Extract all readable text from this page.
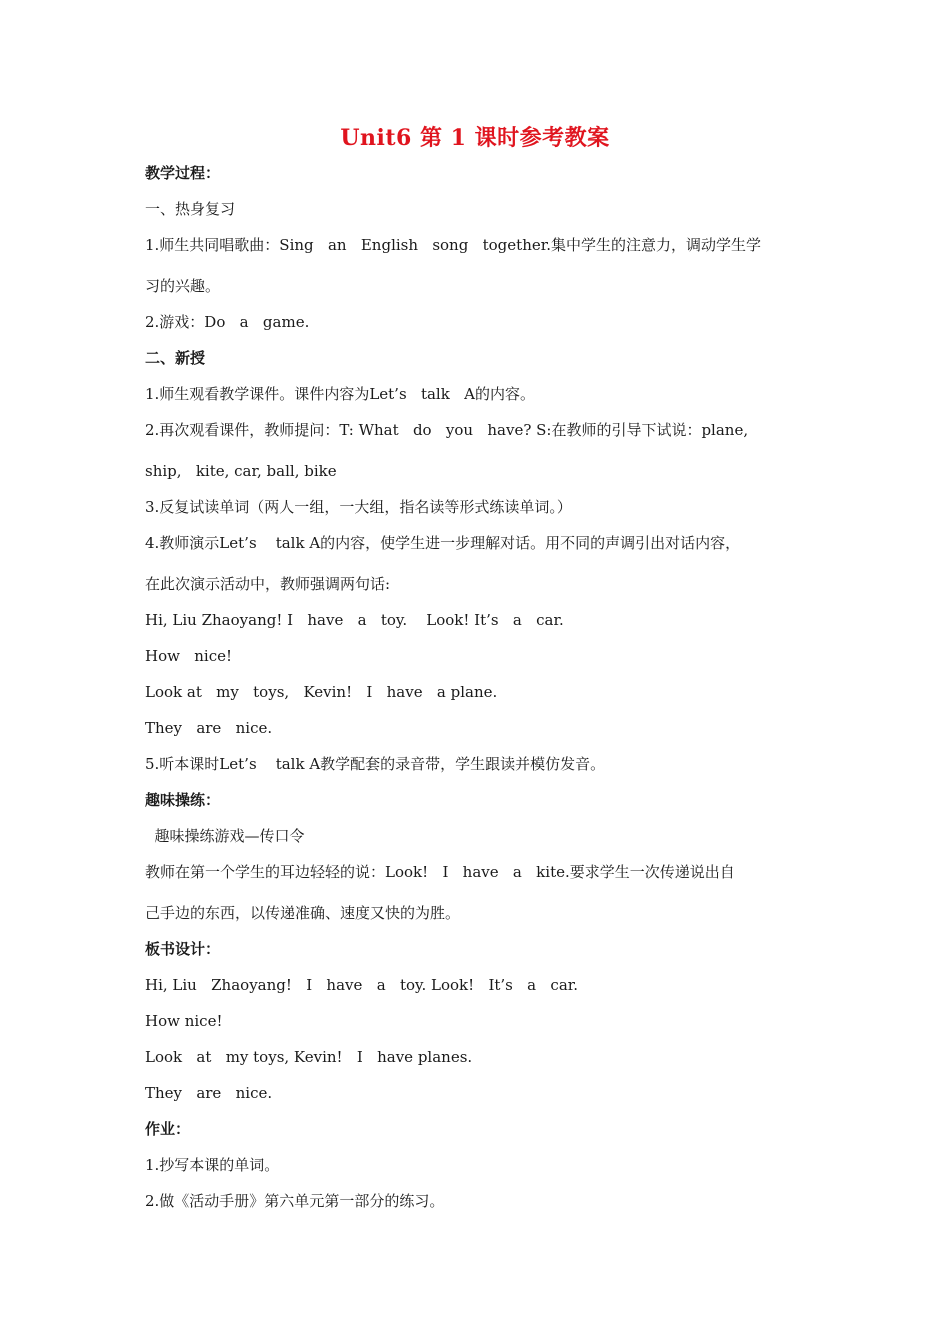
Unit6 第 1 课时参考教案
教学过程：
一、热身复习
1.师生共同唱歌曲：Sing   an   English   song   together.集中学生的注意力，调动学生学
习的兴趣。
2.游戏：Do   a   game.
二、新授
1.师生观看教学课件。课件内容为Let’s   talk   A的内容。
2.再次观看课件，教师提问：T: What   do   you   have? S:在教师的引导下试说：plane,
ship,   kite, car, ball, bike
3.反复试读单词（两人一组，一大组，指名读等形式练读单词。）
4.教师演示Let’s    talk A的内容，使学生进一步理解对话。用不同的声调引出对话内容，
在此次演示活动中，教师强调两句话:
Hi, Liu Zhaoyang! I   have   a   toy.    Look! It’s   a   car.
How   nice!
Look at   my   toys,   Kevin!   I   have   a plane.
They   are   nice.
5.听本课时Let’s    talk A教学配套的录音带，学生跟读并模仿发音。
趣味操练：
趣味操练游戏—传口令
教师在第一个学生的耳边轻轻的说：Look!   I   have   a   kite.要求学生一次传递说出自
己手边的东西，以传递准确、速度又快的为胜。
板书设计：
Hi, Liu   Zhaoyang!   I   have   a   toy. Look!   It’s   a   car.
How nice!
Look   at   my toys, Kevin!   I   have planes.
They   are   nice.
作业：
1.抄写本课的单词。
2.做《活动手册》第六单元第一部分的练习。
